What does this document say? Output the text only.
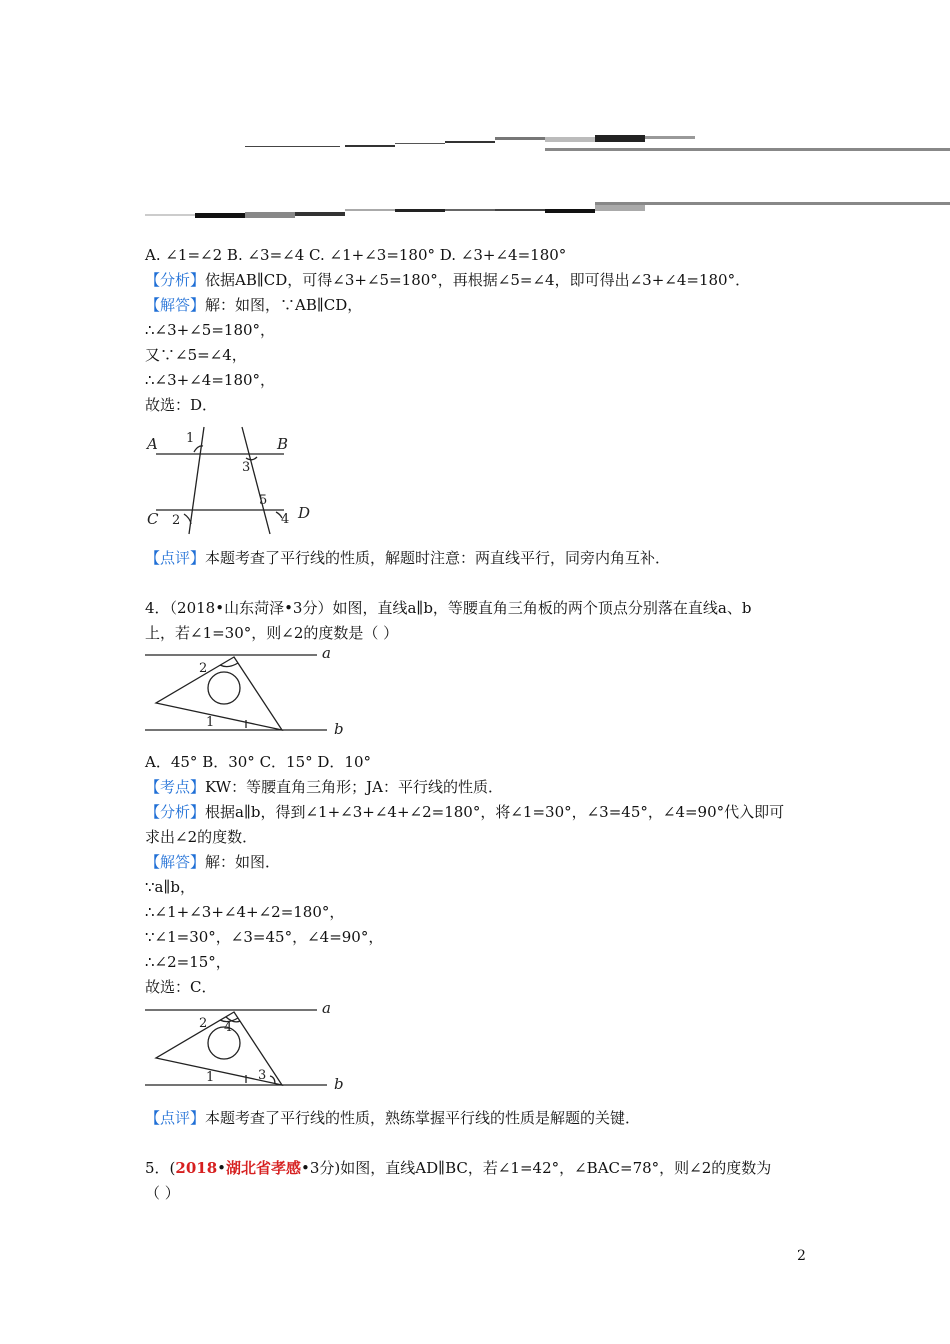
A. ∠1=∠2 B. ∠3=∠4 C. ∠1+∠3=180° D. ∠3+∠4=180°
【分析】依据AB∥CD，可得∠3+∠5=180°，再根据∠5=∠4，即可得出∠3+∠4=180°．
【解答】解：如图，∵AB∥CD，
∴∠3+∠5=180°，
又∵∠5=∠4，
∴∠3+∠4=180°，
故选：D．
A	B
C	D
1
2
3
4
5
【点评】本题考查了平行线的性质，解题时注意：两直线平行，同旁内角互补．
4．（2018•山东菏泽•3分）如图，直线a∥b，等腰直角三角板的两个顶点分别落在直线a、b
上，若∠1=30°，则∠2的度数是（ ）
a
b
2
1
A．45° B．30° C．15° D．10°
【考点】KW：等腰直角三角形；JA：平行线的性质．
【分析】根据a∥b，得到∠1+∠3+∠4+∠2=180°，将∠1=30°，∠3=45°，∠4=90°代入即可
求出∠2的度数．
【解答】解：如图．
∵a∥b，
∴∠1+∠3+∠4+∠2=180°，
∵∠1=30°，∠3=45°，∠4=90°，
∴∠2=15°，
故选：C．
a
b
2 4
3
1
【点评】本题考查了平行线的性质，熟练掌握平行线的性质是解题的关键．
5．(2018•湖北省孝感•3分)如图，直线AD∥BC，若∠1=42°，∠BAC=78°，则∠2的度数为
（ ）
2
